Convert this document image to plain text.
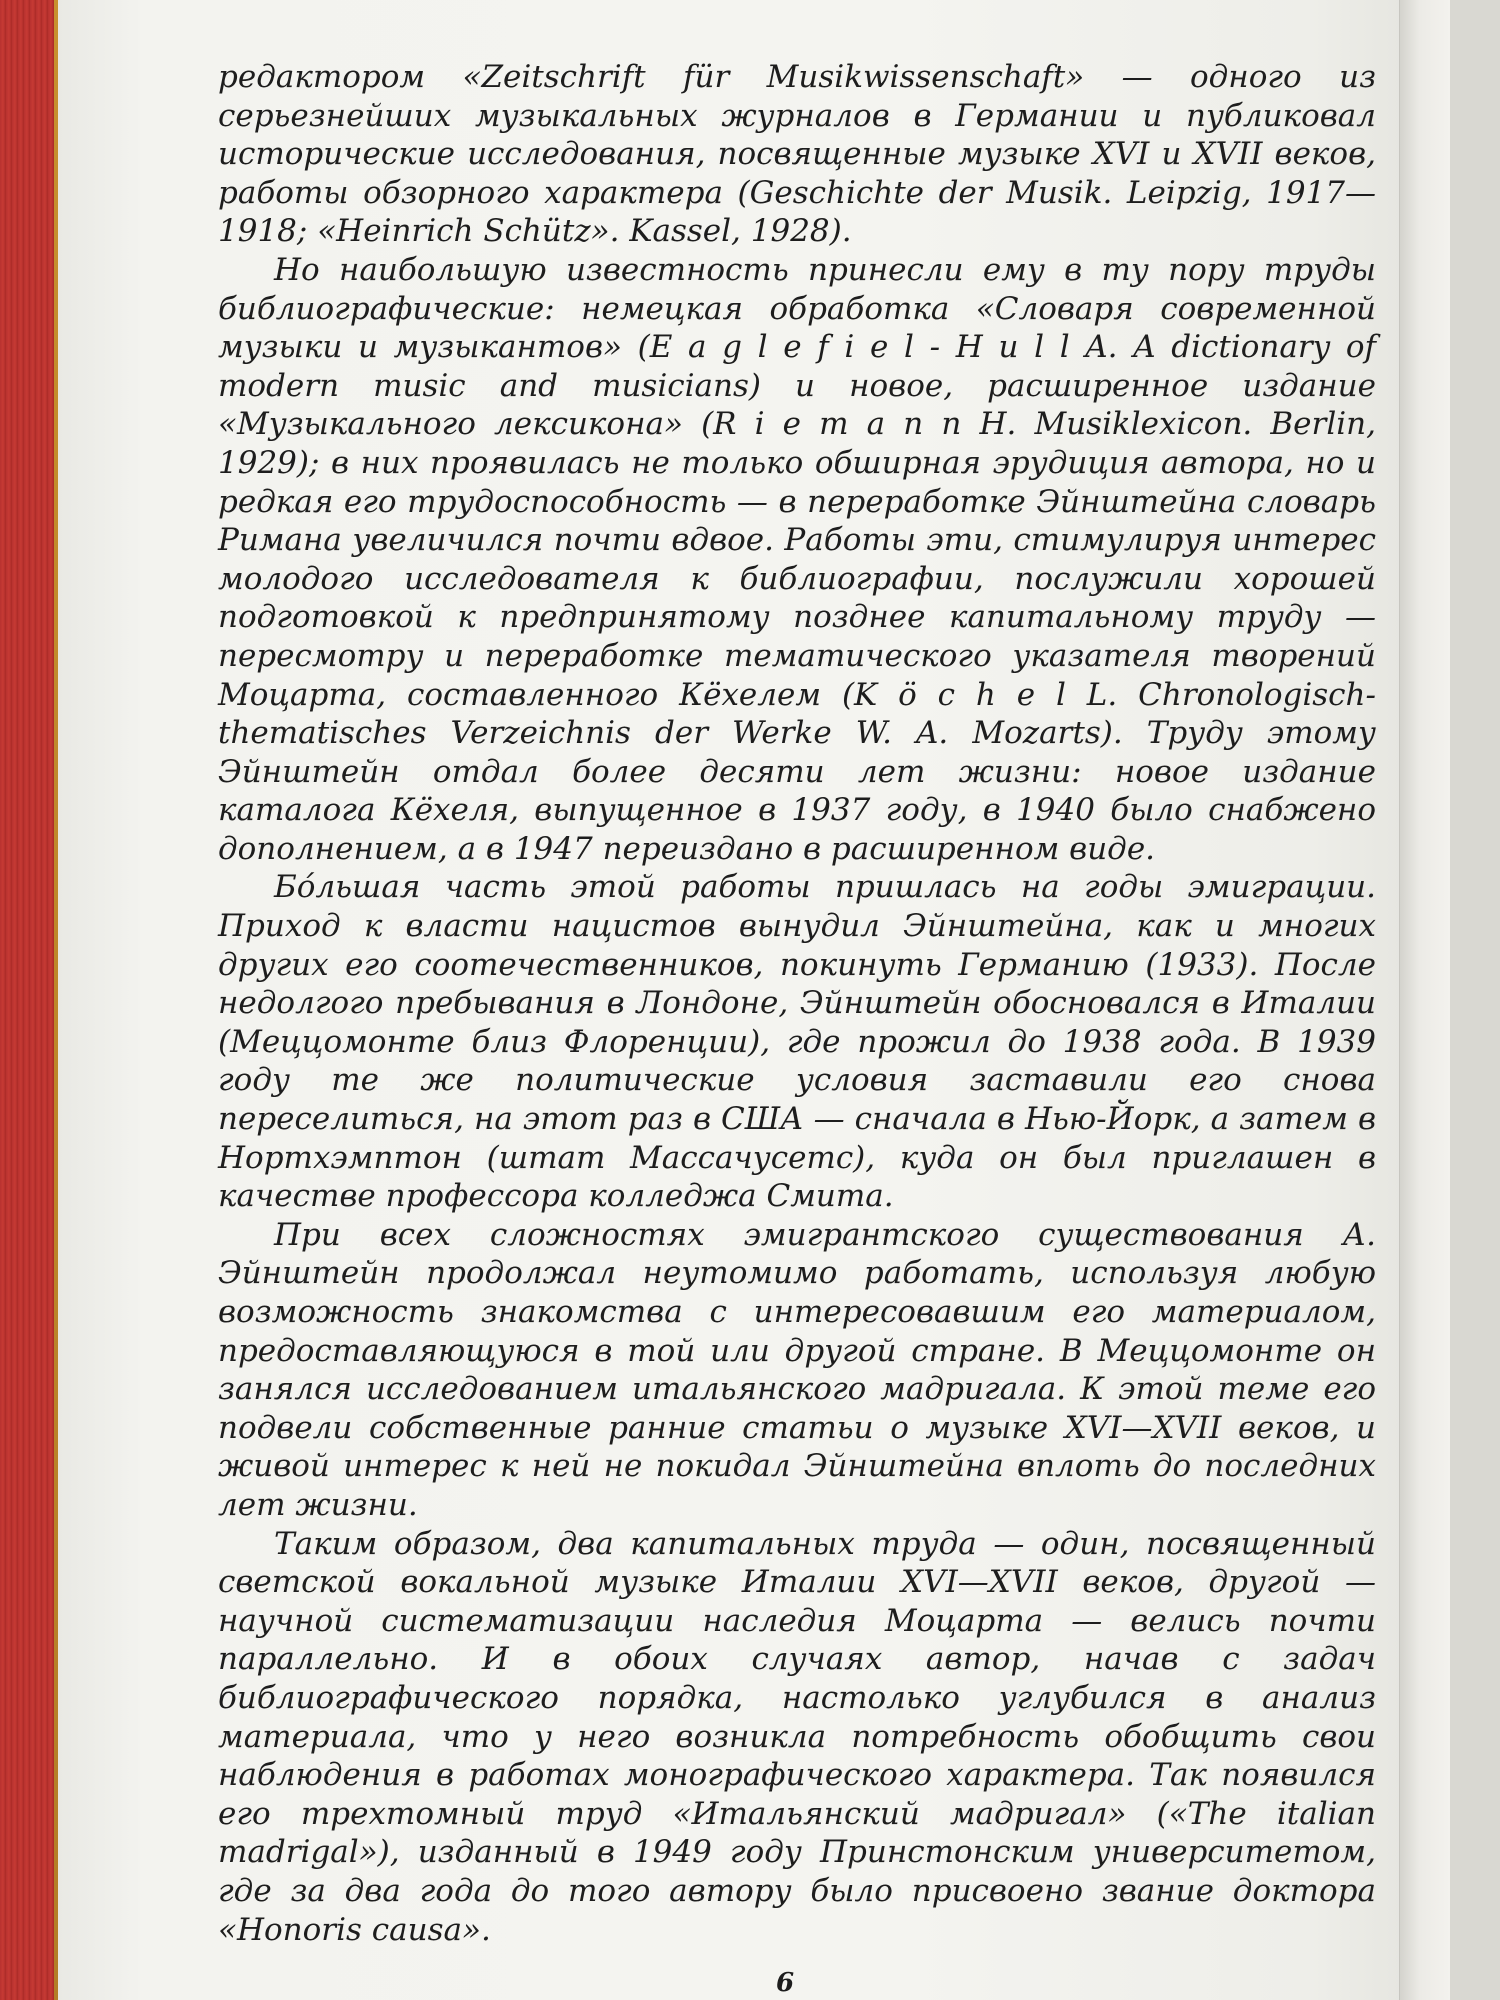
редактором «Zeitschrift für Musikwissenschaft» — одного из серьезнейших музыкальных журналов в Германии и публиковал исторические исследования, посвященные музыке XVI и XVII веков, работы обзорного характера (Geschichte der Musik. Leipzig, 1917—1918; «Heinrich Schütz». Kassel, 1928).

Но наибольшую известность принесли ему в ту пору труды библиографические: немецкая обработка «Словаря современной музыки и музыкантов» (E a g l e f i e l - H u l l A. A dictionary of modern music and musicians) и новое, расширенное издание «Музыкального лексикона» (R i e m a n n H. Musiklexicon. Berlin, 1929); в них проявилась не только обширная эрудиция автора, но и редкая его трудоспособность — в переработке Эйнштейна словарь Римана увеличился почти вдвое. Работы эти, стимулируя интерес молодого исследователя к библиографии, послужили хорошей подготовкой к предпринятому позднее капитальному труду — пересмотру и переработке тематического указателя творений Моцарта, составленного Кёхелем (K ö c h e l L. Chronologisch-thematisches Verzeichnis der Werke W. A. Mozarts). Труду этому Эйнштейн отдал более десяти лет жизни: новое издание каталога Кёхеля, выпущенное в 1937 году, в 1940 было снабжено дополнением, а в 1947 переиздано в расширенном виде.

Бо́льшая часть этой работы пришлась на годы эмиграции. Приход к власти нацистов вынудил Эйнштейна, как и многих других его соотечественников, покинуть Германию (1933). После недолгого пребывания в Лондоне, Эйнштейн обосновался в Италии (Меццомонте близ Флоренции), где прожил до 1938 года. В 1939 году те же политические условия заставили его снова переселиться, на этот раз в США — сначала в Нью-Йорк, а затем в Нортхэмптон (штат Массачусетс), куда он был приглашен в качестве профессора колледжа Смита.

При всех сложностях эмигрантского существования А. Эйнштейн продолжал неутомимо работать, используя любую возможность знакомства с интересовавшим его материалом, предоставляющуюся в той или другой стране. В Меццомонте он занялся исследованием итальянского мадригала. К этой теме его подвели собственные ранние статьи о музыке XVI—XVII веков, и живой интерес к ней не покидал Эйнштейна вплоть до последних лет жизни.

Таким образом, два капитальных труда — один, посвященный светской вокальной музыке Италии XVI—XVII веков, другой — научной систематизации наследия Моцарта — велись почти параллельно. И в обоих случаях автор, начав с задач библиографического порядка, настолько углубился в анализ материала, что у него возникла потребность обобщить свои наблюдения в работах монографического характера. Так появился его трехтомный труд «Итальянский мадригал» («The italian madrigal»), изданный в 1949 году Принстонским университетом, где за два года до того автору было присвоено звание доктора «Honoris causa».

6
